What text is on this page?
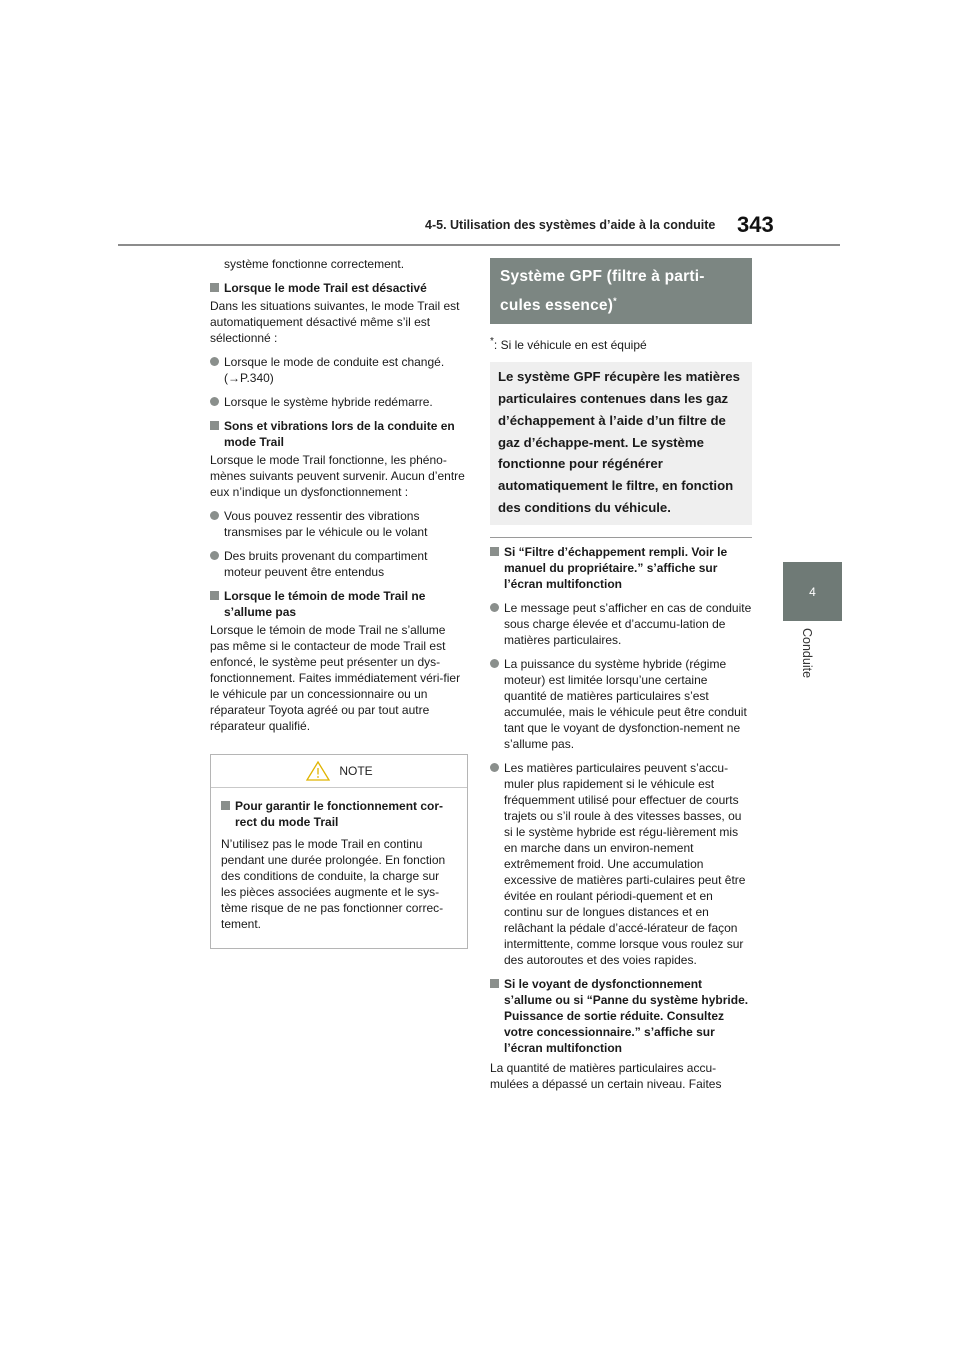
4-5. Utilisation des systèmes d’aide à la conduite 343
4
Conduite

système fonctionne correctement.

Lorsque le mode Trail est désactivé

Dans les situations suivantes, le mode Trail est automatiquement désactivé même s’il est sélectionné :

Lorsque le mode de conduite est changé. (→P.340)
Lorsque le système hybride redémarre.
Sons et vibrations lors de la conduite en mode Trail

Lorsque le mode Trail fonctionne, les phéno-mènes suivants peuvent survenir. Aucun d’entre eux n’indique un dysfonctionnement :

Vous pouvez ressentir des vibrations transmises par le véhicule ou le volant
Des bruits provenant du compartiment moteur peuvent être entendus
Lorsque le témoin de mode Trail ne s’allume pas

Lorsque le témoin de mode Trail ne s’allume pas même si le contacteur de mode Trail est enfoncé, le système peut présenter un dys-fonctionnement. Faites immédiatement véri-fier le véhicule par un concessionnaire ou un réparateur Toyota agréé ou par tout autre réparateur qualifié.

NOTE
Pour garantir le fonctionnement cor-rect du mode Trail

N’utilisez pas le mode Trail en continu pendant une durée prolongée. En fonction des conditions de conduite, la charge sur les pièces associées augmente et le sys-tème risque de ne pas fonctionner correc-tement.

Système GPF (filtre à parti-cules essence)*
*: Si le véhicule en est équipé
Le système GPF récupère les matières particulaires contenues dans les gaz d’échappement à l’aide d’un filtre de gaz d’échappe-ment. Le système fonctionne pour régénérer automatiquement le filtre, en fonction des conditions du véhicule.
Si “Filtre d’échappement rempli. Voir le manuel du propriétaire.” s’affiche sur l’écran multifonction
Le message peut s’afficher en cas de conduite sous charge élevée et d’accumu-lation de matières particulaires.
La puissance du système hybride (régime moteur) est limitée lorsqu’une certaine quantité de matières particulaires s’est accumulée, mais le véhicule peut être conduit tant que le voyant de dysfonction-nement ne s’allume pas.
Les matières particulaires peuvent s’accu-muler plus rapidement si le véhicule est fréquemment utilisé pour effectuer de courts trajets ou s’il roule à des vitesses basses, ou si le système hybride est régu-lièrement mis en marche dans un environ-nement extrêmement froid. Une accumulation excessive de matières parti-culaires peut être évitée en roulant périodi-quement et en continu sur de longues distances et en relâchant la pédale d’accé-lérateur de façon intermittente, comme lorsque vous roulez sur des autoroutes et des voies rapides.
Si le voyant de dysfonctionnement s’allume ou si “Panne du système hybride. Puissance de sortie réduite. Consultez votre concessionnaire.” s’affiche sur l’écran multifonction

La quantité de matières particulaires accu-mulées a dépassé un certain niveau. Faites
